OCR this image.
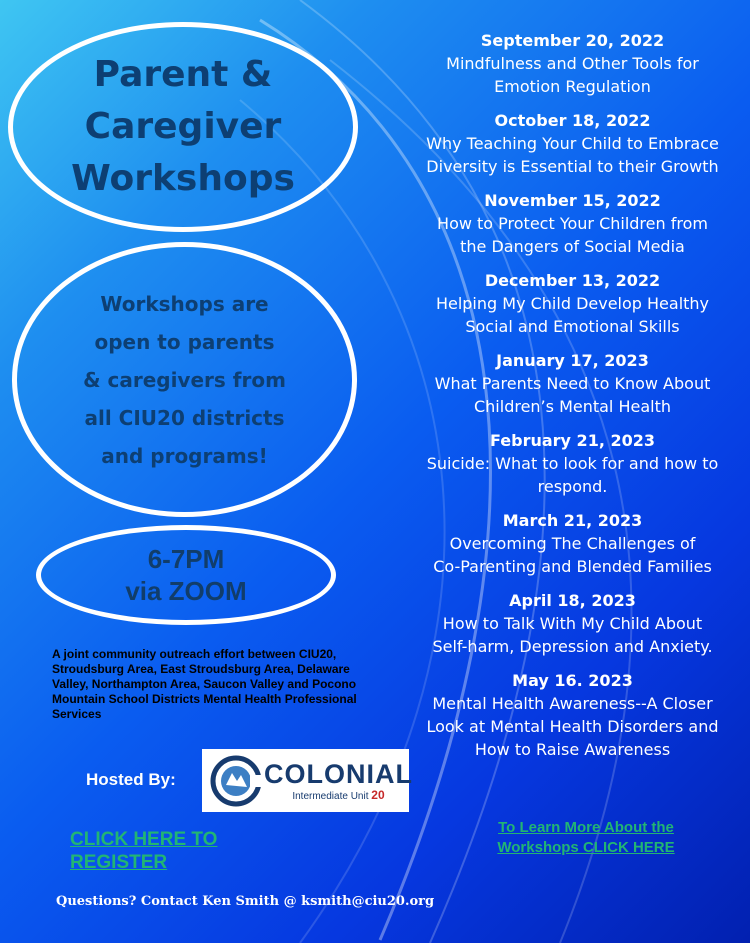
Parent &
Caregiver
Workshops
Workshops are
open to parents
& caregivers from
all CIU20 districts
and programs!
6-7PM
via ZOOM
A joint community outreach effort between CIU20, Stroudsburg Area, East Stroudsburg Area, Delaware Valley, Northampton Area, Saucon Valley and Pocono Mountain School Districts Mental Health Professional Services
Hosted By:	COLONIAL
Intermediate Unit 20
CLICK HERE TO REGISTER
To Learn More About the Workshops CLICK HERE
Questions? Contact Ken Smith @ ksmith@ciu20.org
September 20, 2022
Mindfulness and Other Tools for
Emotion Regulation
October 18, 2022
Why Teaching Your Child to Embrace
Diversity is Essential to their Growth
November 15, 2022
How to Protect Your Children from
the Dangers of Social Media
December 13, 2022
Helping My Child Develop Healthy
Social and Emotional Skills
January 17, 2023
What Parents Need to Know About
Children’s Mental Health
February 21, 2023
Suicide: What to look for and how to
respond.
March 21, 2023
Overcoming The Challenges of
Co-Parenting and Blended Families
April 18, 2023
How to Talk With My Child About
Self-harm, Depression and Anxiety.
May 16. 2023
Mental Health Awareness--A Closer
Look at Mental Health Disorders and
How to Raise Awareness
